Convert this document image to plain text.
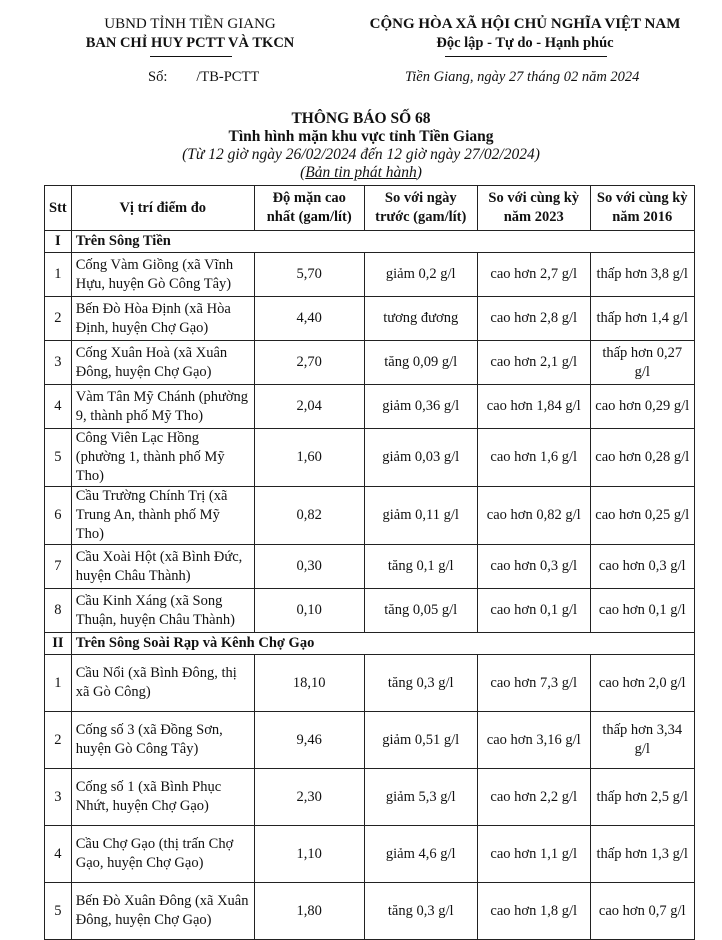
UBND TỈNH TIỀN GIANG
BAN CHỈ HUY PCTT VÀ TKCN
CỘNG HÒA XÃ HỘI CHỦ NGHĨA VIỆT NAM
Độc lập - Tự do - Hạnh phúc
Số:        /TB-PCTT	Tiền Giang, ngày 27 tháng 02 năm 2024
THÔNG BÁO SỐ 68
Tình hình mặn khu vực tỉnh Tiền Giang
(Từ 12 giờ ngày 26/02/2024 đến 12 giờ ngày 27/02/2024)
(Bản tin phát hành)
Stt	Vị trí điểm đo	Độ mặn cao nhất (gam/lít)	So với ngày trước (gam/lít)	So với cùng kỳ năm 2023	So với cùng kỳ năm 2016
I	Trên Sông Tiền				
1	Cống Vàm Giồng (xã Vĩnh Hựu, huyện Gò Công Tây)	5,70	giảm 0,2 g/l	cao hơn 2,7 g/l	thấp hơn 3,8 g/l
2	Bến Đò Hòa Định (xã Hòa Định, huyện Chợ Gạo)	4,40	tương đương	cao hơn 2,8 g/l	thấp hơn 1,4 g/l
3	Cống Xuân Hoà (xã Xuân Đông, huyện Chợ Gạo)	2,70	tăng 0,09 g/l	cao hơn 2,1 g/l	thấp hơn 0,27 g/l
4	Vàm Tân Mỹ Chánh (phường 9, thành phố Mỹ Tho)	2,04	giảm 0,36 g/l	cao hơn 1,84 g/l	cao hơn 0,29 g/l
5	Công Viên Lạc Hồng (phường 1, thành phố Mỹ Tho)	1,60	giảm 0,03 g/l	cao hơn 1,6 g/l	cao hơn 0,28 g/l
6	Cầu Trường Chính Trị (xã Trung An, thành phố Mỹ Tho)	0,82	giảm 0,11 g/l	cao hơn 0,82 g/l	cao hơn 0,25 g/l
7	Cầu Xoài Hột (xã Bình Đức, huyện Châu Thành)	0,30	tăng 0,1 g/l	cao hơn 0,3 g/l	cao hơn 0,3 g/l
8	Cầu Kinh Xáng (xã Song Thuận, huyện Châu Thành)	0,10	tăng 0,05 g/l	cao hơn 0,1 g/l	cao hơn 0,1 g/l
II	Trên Sông Soài Rạp và Kênh Chợ Gạo				
1	Cầu Nổi (xã Bình Đông, thị xã Gò Công)	18,10	tăng 0,3 g/l	cao hơn 7,3 g/l	cao hơn 2,0 g/l
2	Cống số 3 (xã Đồng Sơn, huyện Gò Công Tây)	9,46	giảm 0,51 g/l	cao hơn 3,16 g/l	thấp hơn 3,34 g/l
3	Cống số 1 (xã Bình Phục Nhứt, huyện Chợ Gạo)	2,30	giảm 5,3 g/l	cao hơn 2,2 g/l	thấp hơn 2,5 g/l
4	Cầu Chợ Gạo (thị trấn Chợ Gạo, huyện Chợ Gạo)	1,10	giảm 4,6 g/l	cao hơn 1,1 g/l	thấp hơn 1,3 g/l
5	Bến Đò Xuân Đông (xã Xuân Đông, huyện Chợ Gạo)	1,80	tăng 0,3 g/l	cao hơn 1,8 g/l	cao hơn 0,7 g/l
